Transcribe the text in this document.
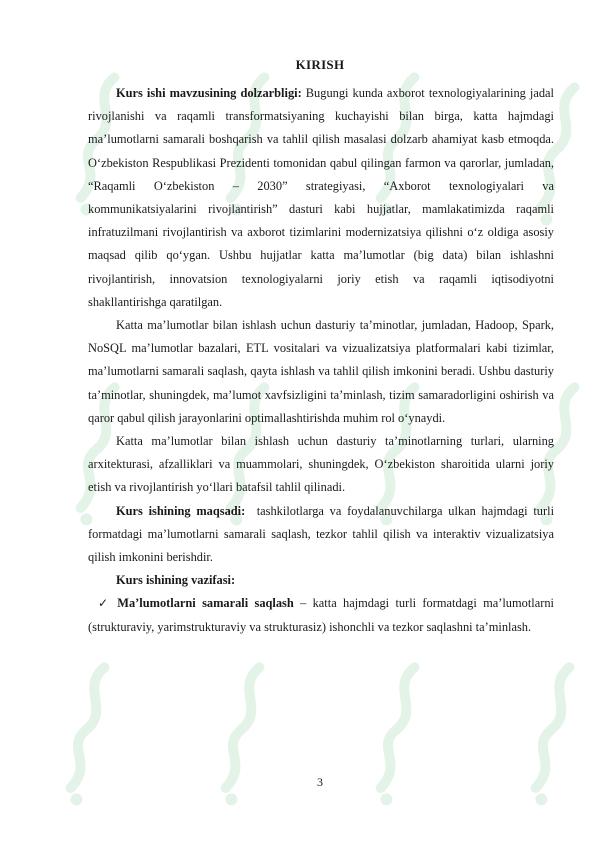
KIRISH

Kurs ishi mavzusining dolzarbligi: Bugungi kunda axborot texnologiyalarining jadal rivojlanishi va raqamli transformatsiyaning kuchayishi bilan birga, katta hajmdagi ma’lumotlarni samarali boshqarish va tahlil qilish masalasi dolzarb ahamiyat kasb etmoqda. O‘zbekiston Respublikasi Prezidenti tomonidan qabul qilingan farmon va qarorlar, jumladan, “Raqamli O‘zbekiston – 2030” strategiyasi, “Axborot texnologiyalari va kommunikatsiyalarini rivojlantirish” dasturi kabi hujjatlar, mamlakatimizda raqamli infratuzilmani rivojlantirish va axborot tizimlarini modernizatsiya qilishni o‘z oldiga asosiy maqsad qilib qo‘ygan. Ushbu hujjatlar katta ma’lumotlar (big data) bilan ishlashni rivojlantirish, innovatsion texnologiyalarni joriy etish va raqamli iqtisodiyotni shakllantirishga qaratilgan.

Katta ma’lumotlar bilan ishlash uchun dasturiy ta’minotlar, jumladan, Hadoop, Spark, NoSQL ma’lumotlar bazalari, ETL vositalari va vizualizatsiya platformalari kabi tizimlar, ma’lumotlarni samarali saqlash, qayta ishlash va tahlil qilish imkonini beradi. Ushbu dasturiy ta’minotlar, shuningdek, ma’lumot xavfsizligini ta’minlash, tizim samaradorligini oshirish va qaror qabul qilish jarayonlarini optimallashtirishda muhim rol o‘ynaydi.

Katta ma’lumotlar bilan ishlash uchun dasturiy ta’minotlarning turlari, ularning arxitekturasi, afzalliklari va muammolari, shuningdek, O‘zbekiston sharoitida ularni joriy etish va rivojlantirish yo‘llari batafsil tahlil qilinadi.

Kurs ishining maqsadi: tashkilotlarga va foydalanuvchilarga ulkan hajmdagi turli formatdagi ma’lumotlarni samarali saqlash, tezkor tahlil qilish va interaktiv vizualizatsiya qilish imkonini berishdir.

Kurs ishining vazifasi:

✓ Ma’lumotlarni samarali saqlash – katta hajmdagi turli formatdagi ma’lumotlarni (strukturaviy, yarimstrukturaviy va strukturasiz) ishonchli va tezkor saqlashni ta’minlash.

3
